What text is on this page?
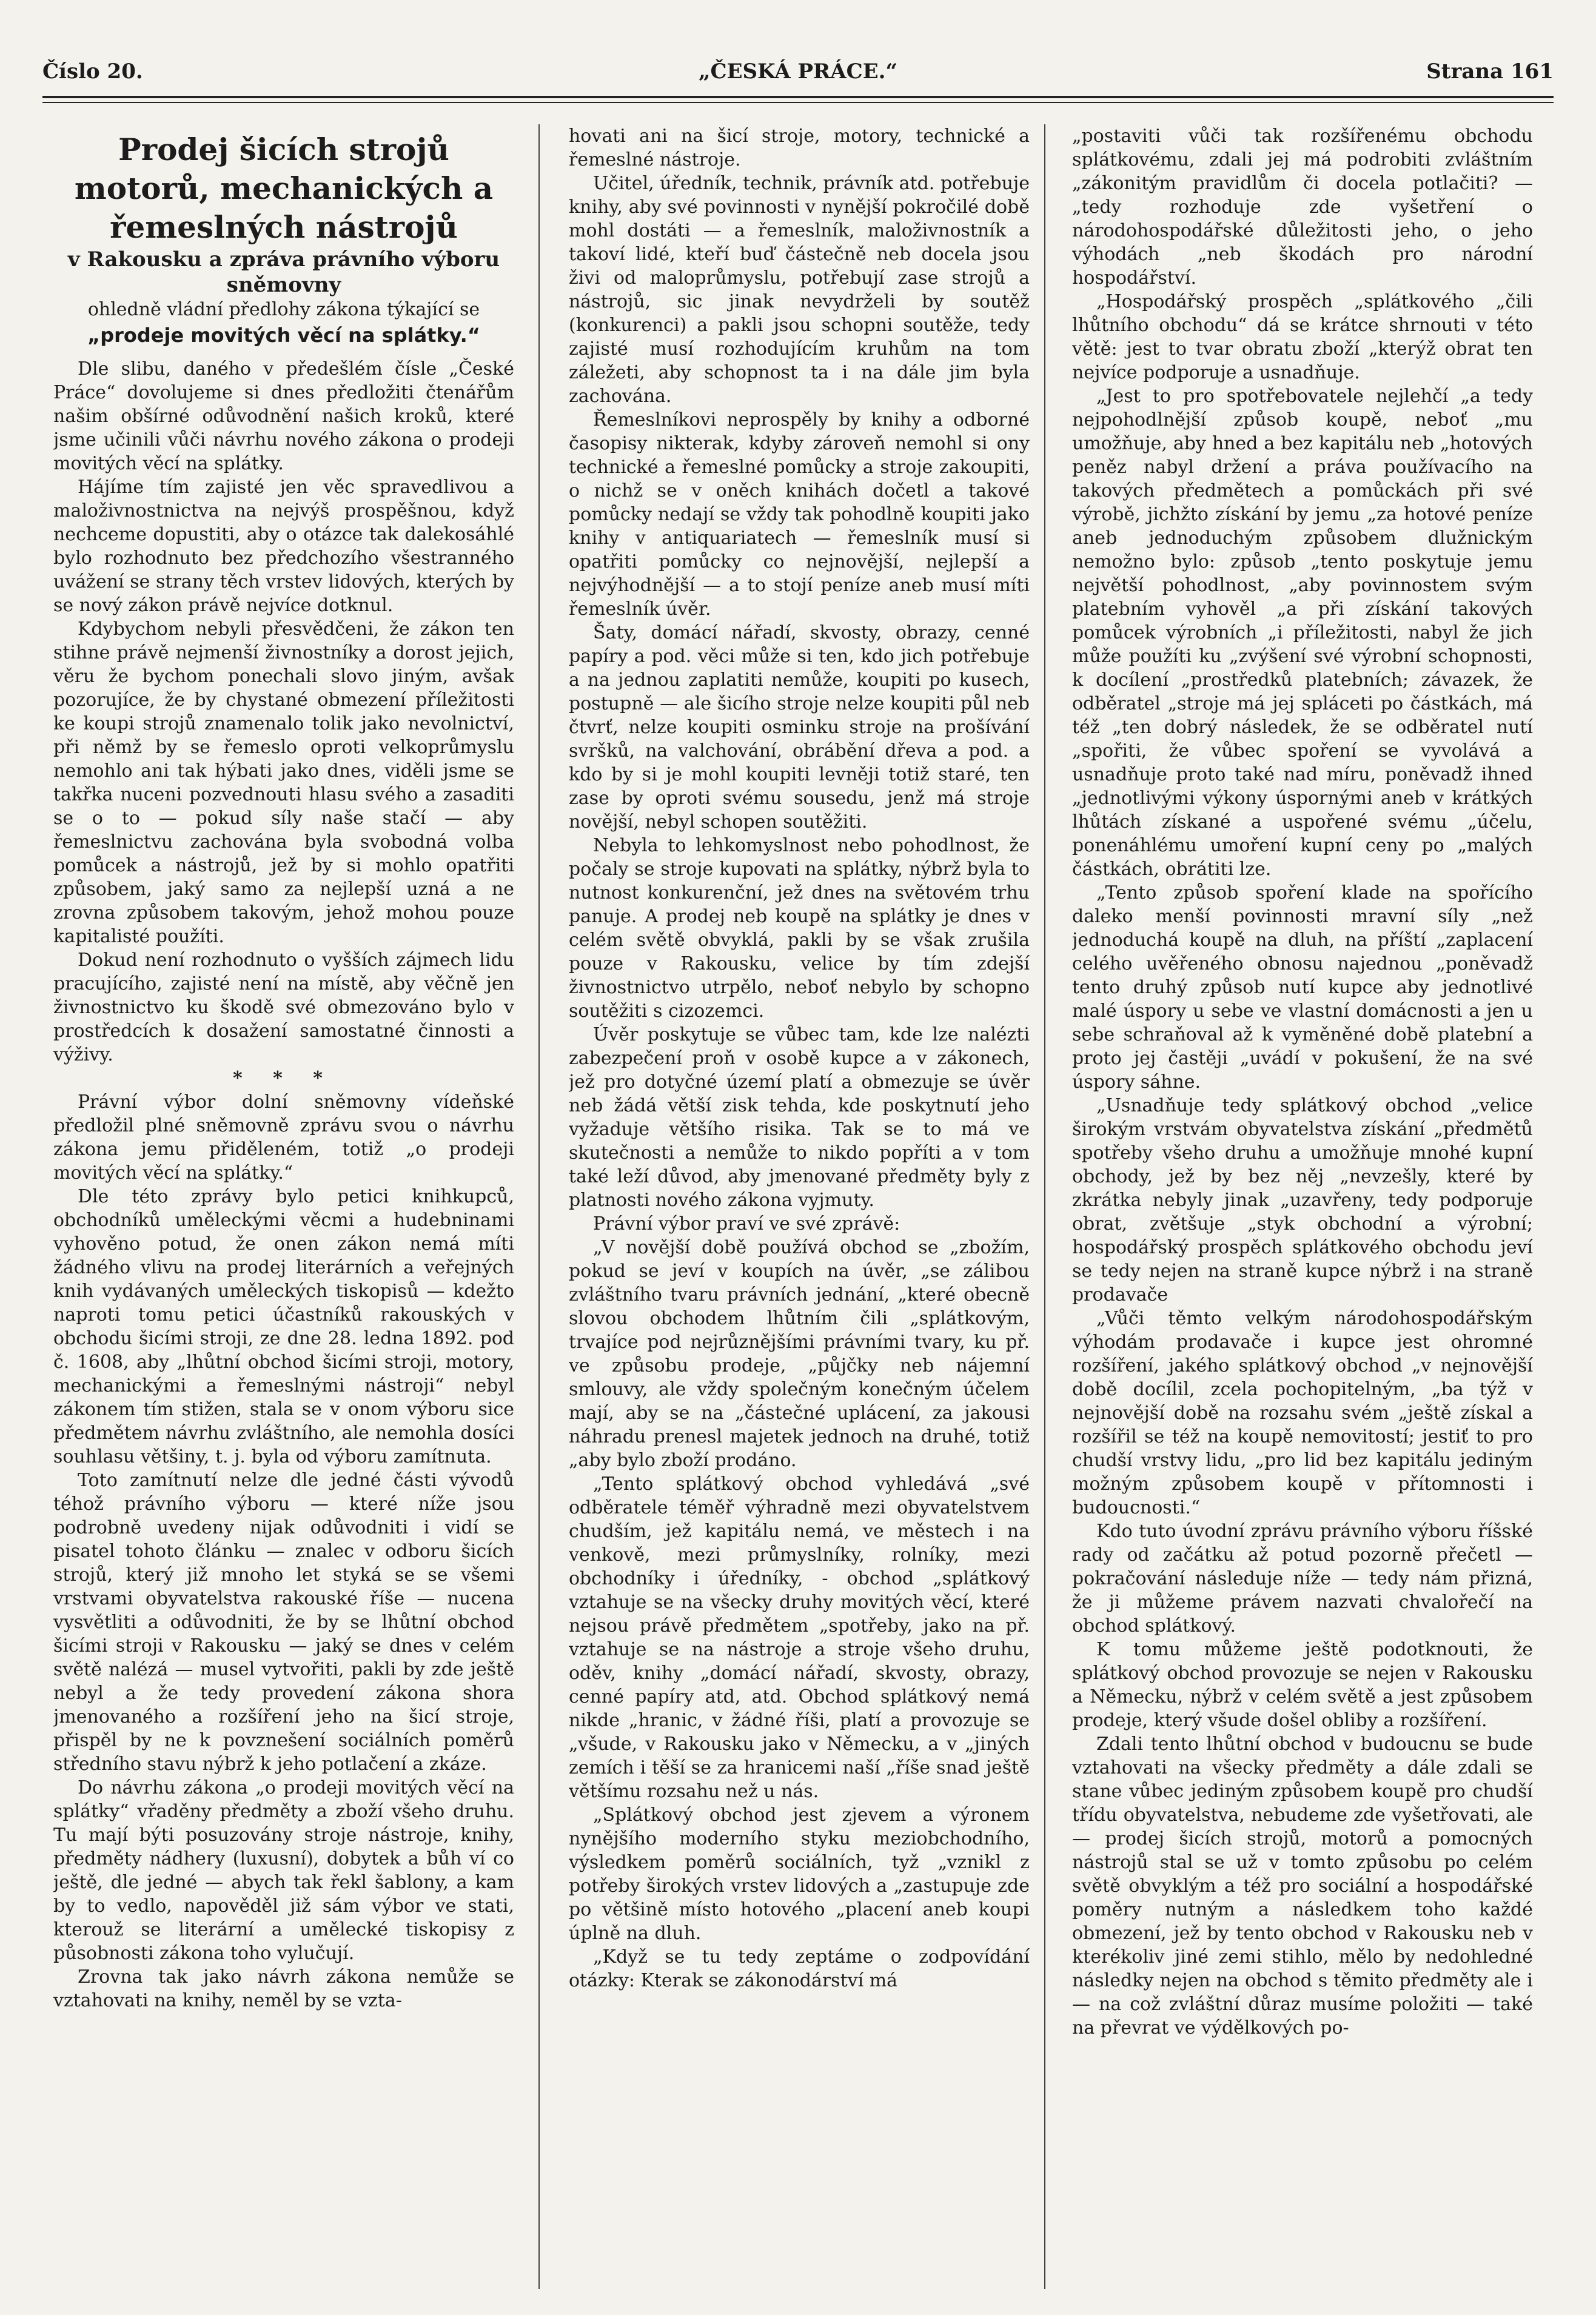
Číslo 20.	„ČESKÁ PRÁCE.“	Strana 161
Prodej šicích strojů
motorů, mechanických a
řemeslných nástrojů
v Rakousku a zpráva právního výboru sněmovny
ohledně vládní předlohy zákona týkající se
„prodeje movitých věcí na splátky.“

Dle slibu, daného v předešlém čísle „České Práce“ dovolujeme si dnes předložiti čtenářům našim obšírné odůvodnění našich kroků, které jsme učinili vůči návrhu nového zákona o prodeji movitých věcí na splátky.

Hájíme tím zajisté jen věc spravedlivou a maloživnostnictva na nejvýš prospěšnou, když nechceme dopustiti, aby o otázce tak dalekosáhlé bylo rozhodnuto bez předchozího všestranného uvážení se strany těch vrstev lidových, kterých by se nový zákon právě nejvíce dotknul.

Kdybychom nebyli přesvědčeni, že zákon ten stihne právě nejmenší živnostníky a dorost jejich, věru že bychom ponechali slovo jiným, avšak pozorujíce, že by chystané obmezení příležitosti ke koupi strojů znamenalo tolik jako nevolnictví, při němž by se řemeslo oproti velkoprůmyslu nemohlo ani tak hýbati jako dnes, viděli jsme se takřka nuceni pozvednouti hlasu svého a zasaditi se o to — pokud síly naše stačí — aby řemeslnictvu zachována byla svobodná volba pomůcek a nástrojů, jež by si mohlo opatřiti způsobem, jaký samo za nejlepší uzná a ne zrovna způsobem takovým, jehož mohou pouze kapitalisté použíti.

Dokud není rozhodnuto o vyšších zájmech lidu pracujícího, zajisté není na místě, aby věčně jen živnostnictvo ku škodě své obmezováno bylo v prostředcích k dosažení samostatné činnosti a výživy.

* * *

Právní výbor dolní sněmovny vídeňské předložil plné sněmovně zprávu svou o návrhu zákona jemu přiděleném, totiž „o prodeji movitých věcí na splátky.“

Dle této zprávy bylo petici knihkupců, obchodníků uměleckými věcmi a hudebninami vyhověno potud, že onen zákon nemá míti žádného vlivu na prodej literárních a veřejných knih vydávaných uměleckých tiskopisů — kdežto naproti tomu petici účastníků rakouských v obchodu šicími stroji, ze dne 28. ledna 1892. pod č. 1608, aby „lhůtní obchod šicími stroji, motory, mechanickými a řemeslnými nástroji“ nebyl zákonem tím stižen, stala se v onom výboru sice předmětem návrhu zvláštního, ale nemohla dosíci souhlasu většiny, t. j. byla od výboru zamítnuta.

Toto zamítnutí nelze dle jedné části vývodů téhož právního výboru — které níže jsou podrobně uvedeny nijak odůvodniti i vidí se pisatel tohoto článku — znalec v odboru šicích strojů, který již mnoho let styká se se všemi vrstvami obyvatelstva rakouské říše — nucena vysvětliti a odůvodniti, že by se lhůtní obchod šicími stroji v Rakousku — jaký se dnes v celém světě nalézá — musel vytvořiti, pakli by zde ještě nebyl a že tedy provedení zákona shora jmenovaného a rozšíření jeho na šicí stroje, přispěl by ne k povznešení sociálních poměrů středního stavu nýbrž k jeho potlačení a zkáze.

Do návrhu zákona „o prodeji movitých věcí na splátky“ vřaděny předměty a zboží všeho druhu. Tu mají býti posuzovány stroje nástroje, knihy, předměty nádhery (luxusní), dobytek a bůh ví co ještě, dle jedné — abych tak řekl šablony, a kam by to vedlo, napověděl již sám výbor ve stati, kterouž se literární a umělecké tiskopisy z působnosti zákona toho vylučují.

Zrovna tak jako návrh zákona nemůže se vztahovati na knihy, neměl by se vzta-

hovati ani na šicí stroje, motory, technické a řemeslné nástroje.

Učitel, úředník, technik, právník atd. potřebuje knihy, aby své povinnosti v nynější pokročilé době mohl dostáti — a řemeslník, maloživnostník a takoví lidé, kteří buď částečně neb docela jsou živi od maloprůmyslu, potřebují zase strojů a nástrojů, sic jinak nevydrželi by soutěž (konkurenci) a pakli jsou schopni soutěže, tedy zajisté musí rozhodujícím kruhům na tom záležeti, aby schopnost ta i na dále jim byla zachována.

Řemeslníkovi neprospěly by knihy a odborné časopisy nikterak, kdyby zároveň nemohl si ony technické a řemeslné pomůcky a stroje zakoupiti, o nichž se v oněch knihách dočetl a takové pomůcky nedají se vždy tak pohodlně koupiti jako knihy v antiquariatech — řemeslník musí si opatřiti pomůcky co nejnovější, nejlepší a nejvýhodnější — a to stojí peníze aneb musí míti řemeslník úvěr.

Šaty, domácí nářadí, skvosty, obrazy, cenné papíry a pod. věci může si ten, kdo jich potřebuje a na jednou zaplatiti nemůže, koupiti po kusech, postupně — ale šicího stroje nelze koupiti půl neb čtvrť, nelze koupiti osminku stroje na prošívání svršků, na valchování, obrábění dřeva a pod. a kdo by si je mohl koupiti levněji totiž staré, ten zase by oproti svému sousedu, jenž má stroje novější, nebyl schopen soutěžiti.

Nebyla to lehkomyslnost nebo pohodlnost, že počaly se stroje kupovati na splátky, nýbrž byla to nutnost konkurenční, jež dnes na světovém trhu panuje. A prodej neb koupě na splátky je dnes v celém světě obvyklá, pakli by se však zrušila pouze v Rakousku, velice by tím zdejší živnostnictvo utrpělo, neboť nebylo by schopno soutěžiti s cizozemci.

Úvěr poskytuje se vůbec tam, kde lze nalézti zabezpečení proň v osobě kupce a v zákonech, jež pro dotyčné území platí a obmezuje se úvěr neb žádá větší zisk tehda, kde poskytnutí jeho vyžaduje většího risika. Tak se to má ve skutečnosti a nemůže to nikdo popříti a v tom také leží důvod, aby jmenované předměty byly z platnosti nového zákona vyjmuty.

Právní výbor praví ve své zprávě:

„V novější době používá obchod se „zbožím, pokud se jeví v koupích na úvěr, „se zálibou zvláštního tvaru právních jednání, „které obecně slovou obchodem lhůtním čili „splátkovým, trvajíce pod nejrůznějšími právními tvary, ku př. ve způsobu prodeje, „půjčky neb nájemní smlouvy, ale vždy společným konečným účelem mají, aby se na „částečné uplácení, za jakousi náhradu prenesl majetek jednoch na druhé, totiž „aby bylo zboží prodáno.

„Tento splátkový obchod vyhledává „své odběratele téměř výhradně mezi obyvatelstvem chudším, jež kapitálu nemá, ve městech i na venkově, mezi průmyslníky, rolníky, mezi obchodníky i úředníky, - obchod „splátkový vztahuje se na všecky druhy movitých věcí, které nejsou právě předmětem „spotřeby, jako na př. vztahuje se na nástroje a stroje všeho druhu, oděv, knihy „domácí nářadí, skvosty, obrazy, cenné papíry atd, atd. Obchod splátkový nemá nikde „hranic, v žádné říši, platí a provozuje se „všude, v Rakousku jako v Německu, a v „jiných zemích i těší se za hranicemi naší „říše snad ještě většímu rozsahu než u nás.

„Splátkový obchod jest zjevem a výronem nynějšího moderního styku meziobchodního, výsledkem poměrů sociálních, tyž „vznikl z potřeby širokých vrstev lidových a „zastupuje zde po většině místo hotového „placení aneb koupi úplně na dluh.

„Když se tu tedy zeptáme o zodpovídání otázky: Kterak se zákonodárství má

„postaviti vůči tak rozšířenému obchodu splátkovému, zdali jej má podrobiti zvláštním „zákonitým pravidlům či docela potlačiti? — „tedy rozhoduje zde vyšetření o národohospodářské důležitosti jeho, o jeho výhodách „neb škodách pro národní hospodářství.

„Hospodářský prospěch „splátkového „čili lhůtního obchodu“ dá se krátce shrnouti v této větě: jest to tvar obratu zboží „kterýž obrat ten nejvíce podporuje a usnadňuje.

„Jest to pro spotřebovatele nejlehčí „a tedy nejpohodlnější způsob koupě, neboť „mu umožňuje, aby hned a bez kapitálu neb „hotových peněz nabyl držení a práva používacího na takových předmětech a pomůckách při své výrobě, jichžto získání by jemu „za hotové peníze aneb jednoduchým způsobem dlužnickým nemožno bylo: způsob „tento poskytuje jemu největší pohodlnost, „aby povinnostem svým platebním vyhověl „a při získání takových pomůcek výrobních „i příležitosti, nabyl že jich může použíti ku „zvýšení své výrobní schopnosti, k docílení „prostředků platebních; závazek, že odběratel „stroje má jej spláceti po částkách, má též „ten dobrý následek, že se odběratel nutí „spořiti, že vůbec spoření se vyvolává a usnadňuje proto také nad míru, poněvadž ihned „jednotlivými výkony úspornými aneb v krátkých lhůtách získané a uspořené svému „účelu, ponenáhlému umoření kupní ceny po „malých částkách, obrátiti lze.

„Tento způsob spoření klade na spořícího daleko menší povinnosti mravní síly „než jednoduchá koupě na dluh, na příští „zaplacení celého uvěřeného obnosu najednou „poněvadž tento druhý způsob nutí kupce aby jednotlivé malé úspory u sebe ve vlastní domácnosti a jen u sebe schraňoval až k vyměněné době platební a proto jej častěji „uvádí v pokušení, že na své úspory sáhne.

„Usnadňuje tedy splátkový obchod „velice širokým vrstvám obyvatelstva získání „předmětů spotřeby všeho druhu a umožňuje mnohé kupní obchody, jež by bez něj „nevzešly, které by zkrátka nebyly jinak „uzavřeny, tedy podporuje obrat, zvětšuje „styk obchodní a výrobní; hospodářský prospěch splátkového obchodu jeví se tedy nejen na straně kupce nýbrž i na straně prodavače

„Vůči těmto velkým národohospodářským výhodám prodavače i kupce jest ohromné rozšíření, jakého splátkový obchod „v nejnovější době docílil, zcela pochopitelným, „ba týž v nejnovější době na rozsahu svém „ještě získal a rozšířil se též na koupě nemovitostí; jestiť to pro chudší vrstvy lidu, „pro lid bez kapitálu jediným možným způsobem koupě v přítomnosti i budoucnosti.“

Kdo tuto úvodní zprávu právního výboru říšské rady od začátku až potud pozorně přečetl — pokračování následuje níže — tedy nám přizná, že ji můžeme právem nazvati chvalořečí na obchod splátkový.

K tomu můžeme ještě podotknouti, že splátkový obchod provozuje se nejen v Rakousku a Německu, nýbrž v celém světě a jest způsobem prodeje, který všude došel obliby a rozšíření.

Zdali tento lhůtní obchod v budoucnu se bude vztahovati na všecky předměty a dále zdali se stane vůbec jediným způsobem koupě pro chudší třídu obyvatelstva, nebudeme zde vyšetřovati, ale — prodej šicích strojů, motorů a pomocných nástrojů stal se už v tomto způsobu po celém světě obvyklým a též pro sociální a hospodářské poměry nutným a následkem toho každé obmezení, jež by tento obchod v Rakousku neb v kterékoliv jiné zemi stihlo, mělo by nedohledné následky nejen na obchod s těmito předměty ale i — na což zvláštní důraz musíme položiti — také na převrat ve výdělkových po-
